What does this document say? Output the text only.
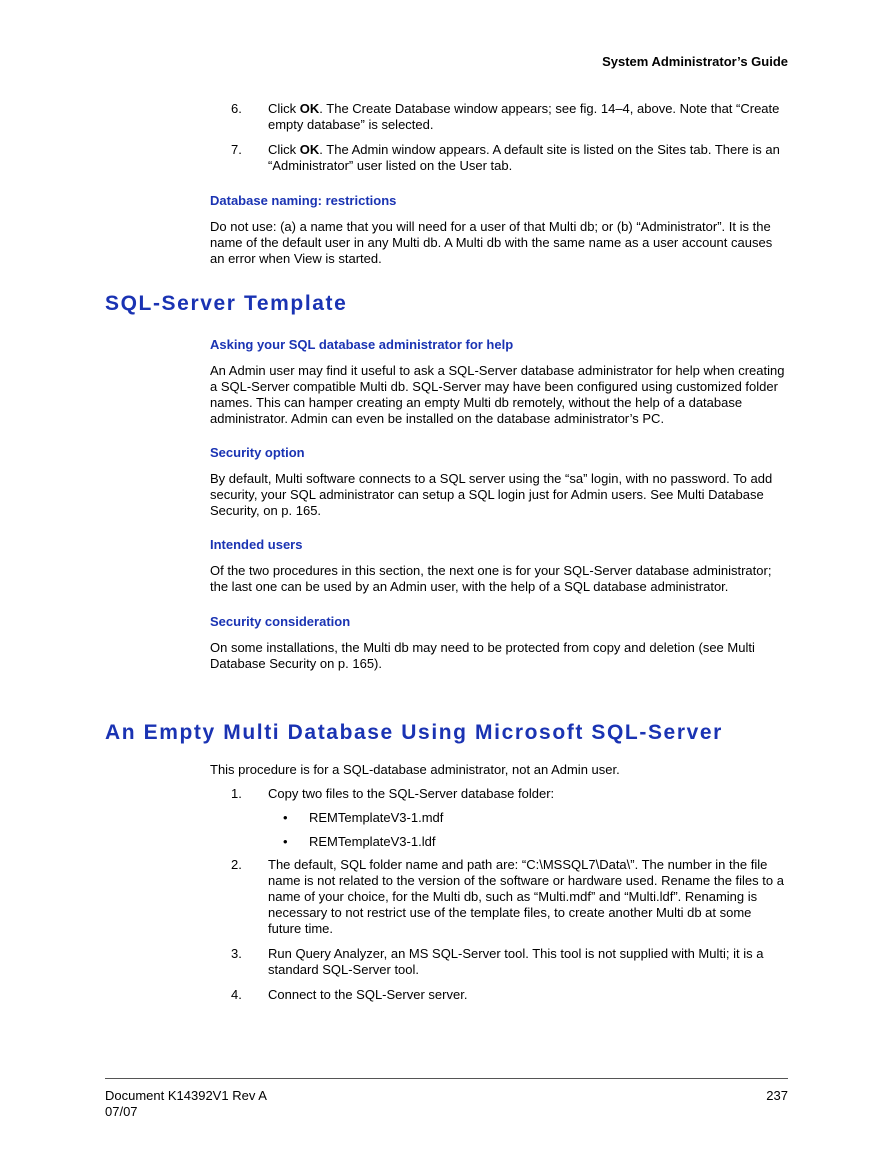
System Administrator’s Guide
6.	Click OK. The Create Database window appears; see fig. 14–4, above. Note that “Create empty database” is selected.
7.	Click OK. The Admin window appears. A default site is listed on the Sites tab. There is an “Administrator” user listed on the User tab.
Database naming: restrictions

Do not use: (a) a name that you will need for a user of that Multi db; or (b) “Administrator”. It is the name of the default user in any Multi db. A Multi db with the same name as a user account causes an error when View is started.

SQL-Server Template
Asking your SQL database administrator for help

An Admin user may find it useful to ask a SQL-Server database administrator for help when creating a SQL-Server compatible Multi db. SQL-Server may have been configured using customized folder names. This can hamper creating an empty Multi db remotely, without the help of a database administrator. Admin can even be installed on the database administrator’s PC.

Security option

By default, Multi software connects to a SQL server using the “sa” login, with no password. To add security, your SQL administrator can setup a SQL login just for Admin users. See Multi Database Security, on p. 165.

Intended users

Of the two procedures in this section, the next one is for your SQL-Server database administrator; the last one can be used by an Admin user, with the help of a SQL database administrator.

Security consideration

On some installations, the Multi db may need to be protected from copy and deletion (see Multi Database Security on p. 165).

An Empty Multi Database Using Microsoft SQL-Server

This procedure is for a SQL-database administrator, not an Admin user.

1.	Copy two files to the SQL-Server database folder:
• REMTemplateV3-1.mdf
• REMTemplateV3-1.ldf
2.	The default, SQL folder name and path are: “C:\MSSQL7\Data\”. The number in the file name is not related to the version of the software or hardware used. Rename the files to a name of your choice, for the Multi db, such as “Multi.mdf” and “Multi.ldf”. Renaming is necessary to not restrict use of the template files, to create another Multi db at some future time.
3.	Run Query Analyzer, an MS SQL-Server tool. This tool is not supplied with Multi; it is a standard SQL-Server tool.
4.	Connect to the SQL-Server server.
Document K14392V1 Rev A
07/07
237
